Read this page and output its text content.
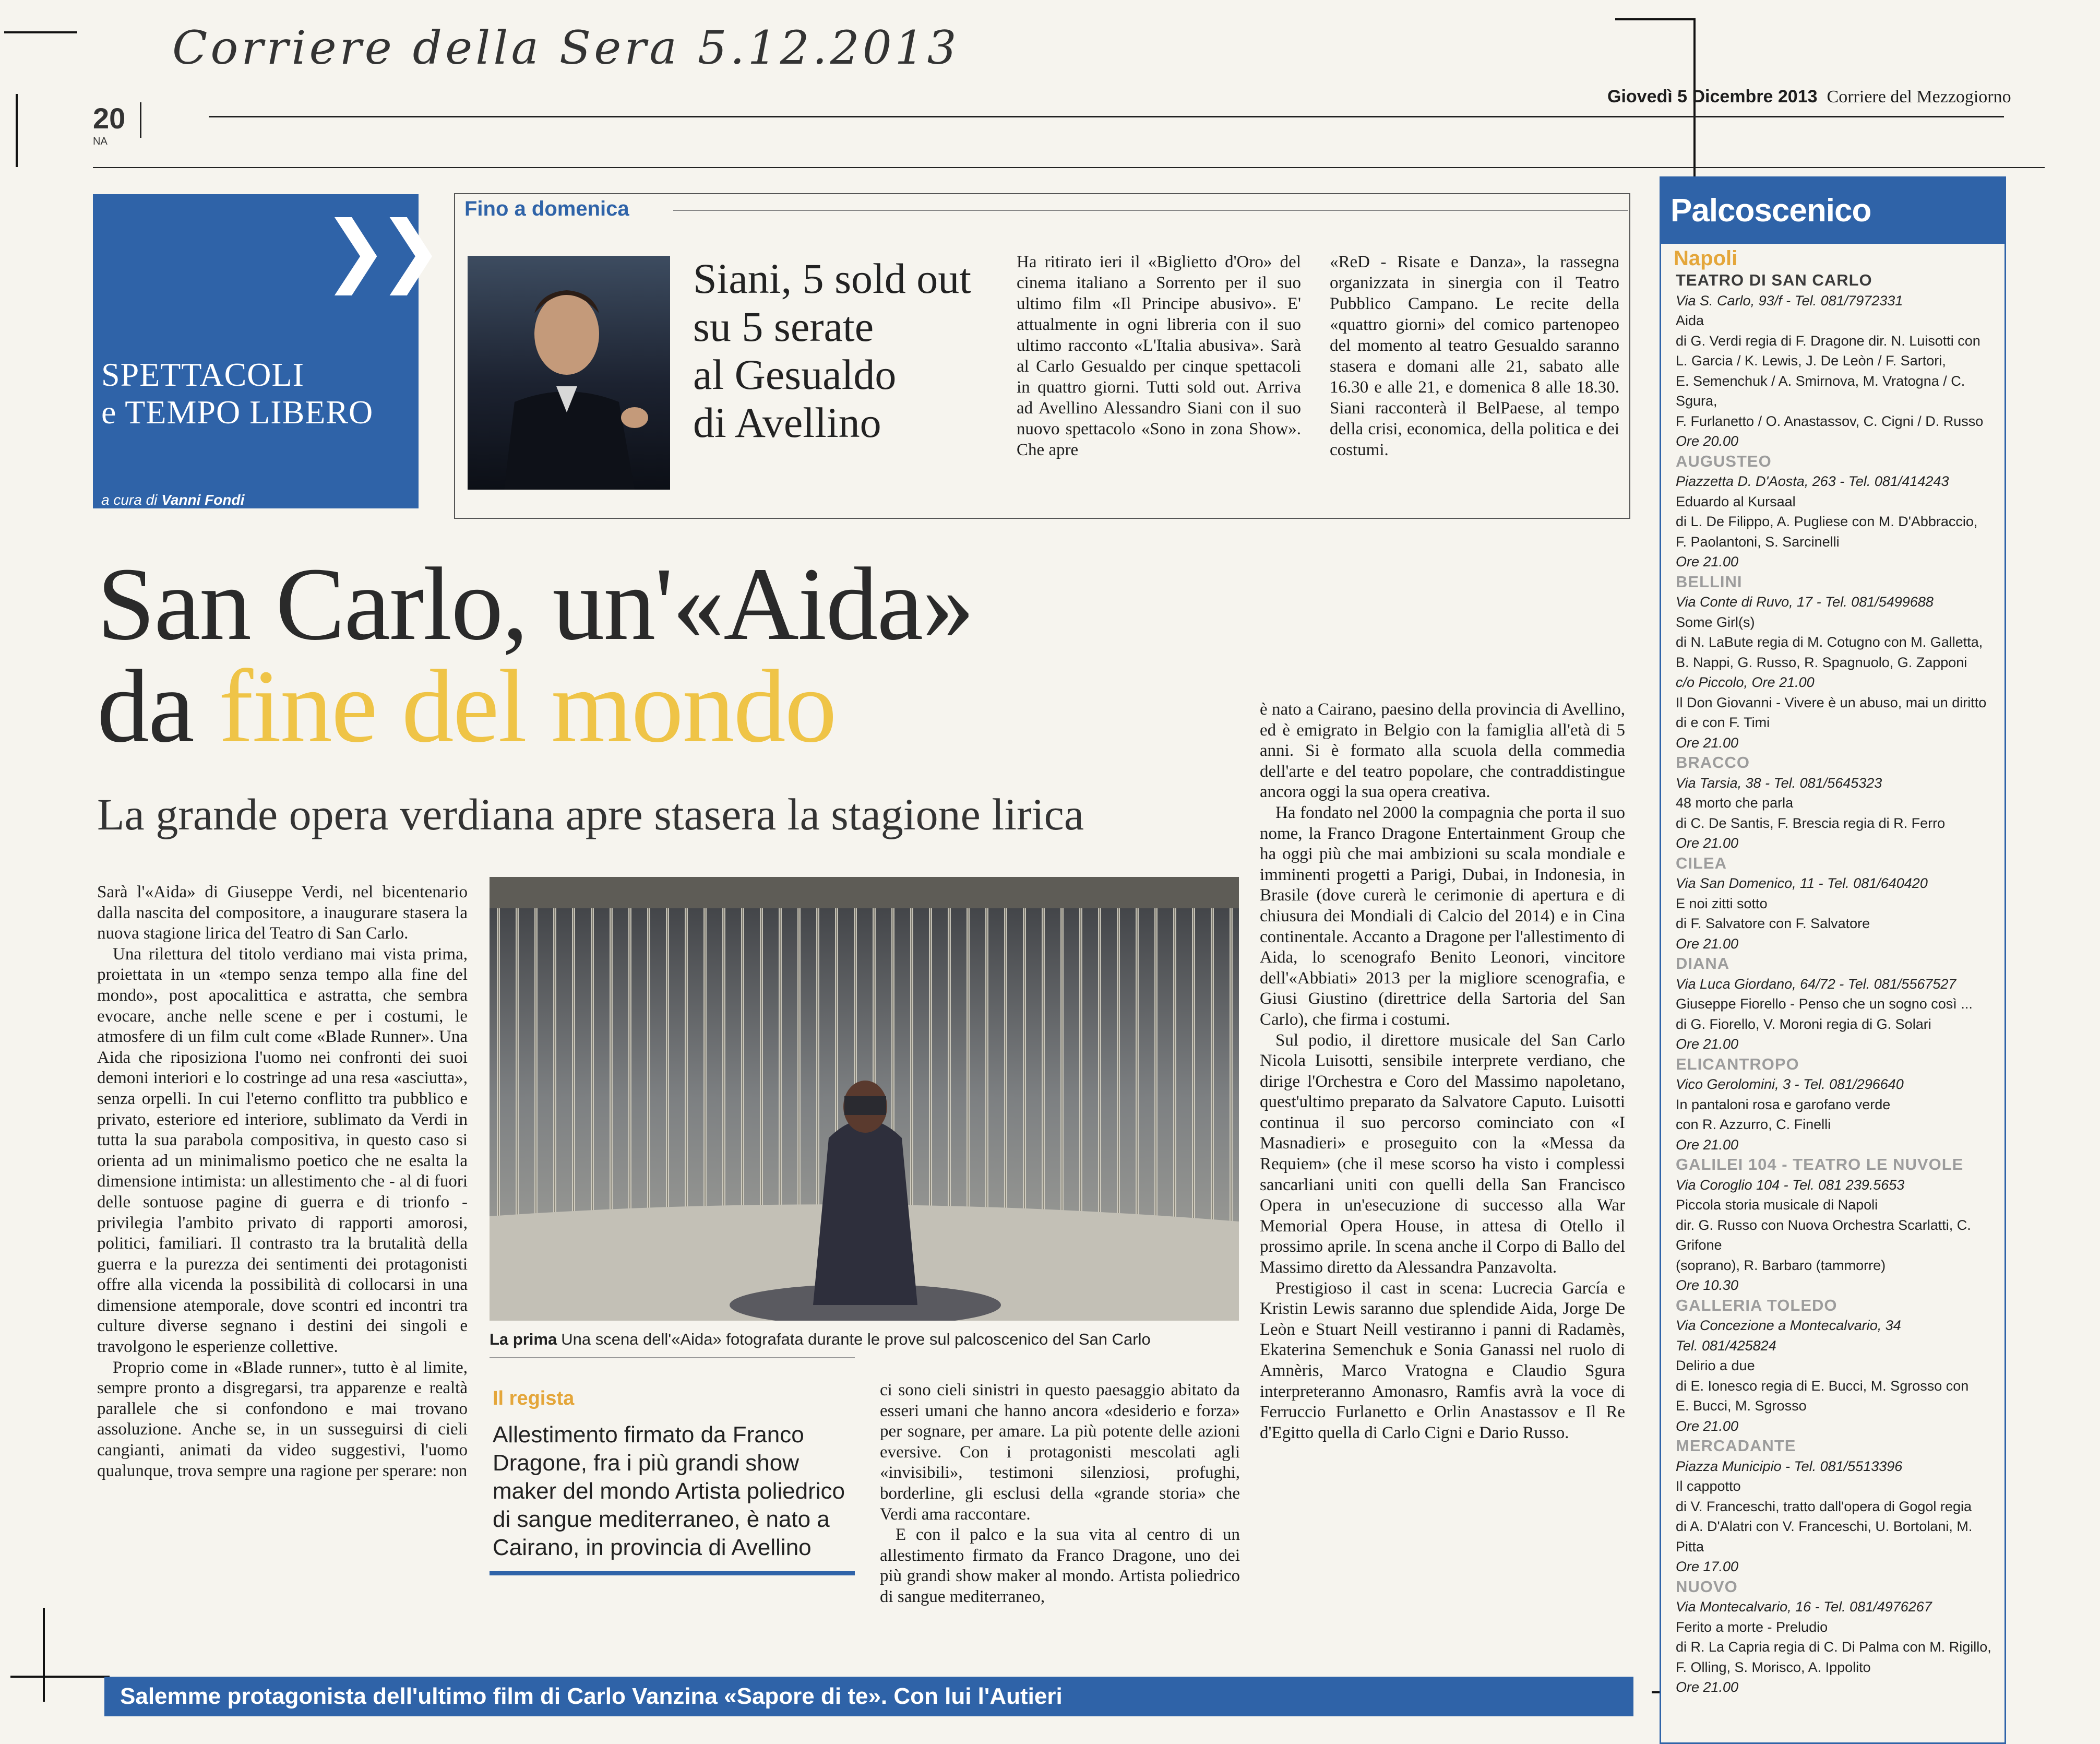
Corriere della Sera 5.12.2013
20
NA
Giovedì 5 Dicembre 2013 Corriere del Mezzogiorno
❯❯
SPETTACOLI
e TEMPO LIBERO
a cura di Vanni Fondi
Fino a domenica
Siani, 5 sold out
su 5 serate
al Gesualdo
di Avellino
Ha ritirato ieri il «Biglietto d'Oro» del cinema italiano a Sorrento per il suo ultimo film «Il Principe abusivo». E' attualmente in ogni libreria con il suo ultimo racconto «L'Italia abusiva». Sarà al Carlo Gesualdo per cinque spettacoli in quattro giorni. Tutti sold out. Arriva ad Avellino Alessandro Siani con il suo nuovo spettacolo «Sono in zona Show». Che apre
«ReD - Risate e Danza», la rassegna organizzata in sinergia con il Teatro Pubblico Campano. Le recite della «quattro giorni» del comico partenopeo del momento al teatro Gesualdo saranno stasera e domani alle 21, sabato alle 16.30 e alle 21, e domenica 8 alle 18.30. Siani racconterà il BelPaese, al tempo della crisi, economica, della politica e dei costumi.
San Carlo, un'«Aida»
da fine del mondo
La grande opera verdiana apre stasera la stagione lirica

Sarà l'«Aida» di Giuseppe Verdi, nel bicentenario dalla nascita del compositore, a inaugurare stasera la nuova stagione lirica del Teatro di San Carlo.

Una rilettura del titolo verdiano mai vista prima, proiettata in un «tempo senza tempo alla fine del mondo», post apocalittica e astratta, che sembra evocare, anche nelle scene e per i costumi, le atmosfere di un film cult come «Blade Runner». Una Aida che riposiziona l'uomo nei confronti dei suoi demoni interiori e lo costringe ad una resa «asciutta», senza orpelli. In cui l'eterno conflitto tra pubblico e privato, esteriore ed interiore, sublimato da Verdi in tutta la sua parabola compositiva, in questo caso si orienta ad un minimalismo poetico che ne esalta la dimensione intimista: un allestimento che - al di fuori delle sontuose pagine di guerra e di trionfo - privilegia l'ambito privato di rapporti amorosi, politici, familiari. Il contrasto tra la brutalità della guerra e la purezza dei sentimenti dei protagonisti offre alla vicenda la possibilità di collocarsi in una dimensione atemporale, dove scontri ed incontri tra culture diverse segnano i destini dei singoli e travolgono le esperienze collettive.

Proprio come in «Blade runner», tutto è al limite, sempre pronto a disgregarsi, tra apparenze e realtà parallele che si confondono e mai trovano assoluzione. Anche se, in un susseguirsi di cieli cangianti, animati da video suggestivi, l'uomo qualunque, trova sempre una ragione per sperare: non

La prima Una scena dell'«Aida» fotografata durante le prove sul palcoscenico del San Carlo
Il regista
Allestimento firmato da Franco Dragone, fra i più grandi show maker del mondo Artista poliedrico di sangue mediterraneo, è nato a Cairano, in provincia di Avellino

ci sono cieli sinistri in questo paesaggio abitato da esseri umani che hanno ancora «desiderio e forza» per sognare, per amare. La più potente delle azioni eversive. Con i protagonisti mescolati agli «invisibili», testimoni silenziosi, profughi, borderline, gli esclusi della «grande storia» che Verdi ama raccontare.

E con il palco e la sua vita al centro di un allestimento firmato da Franco Dragone, uno dei più grandi show maker al mondo. Artista poliedrico di sangue mediterraneo,

è nato a Cairano, paesino della provincia di Avellino, ed è emigrato in Belgio con la famiglia all'età di 5 anni. Si è formato alla scuola della commedia dell'arte e del teatro popolare, che contraddistingue ancora oggi la sua opera creativa.

Ha fondato nel 2000 la compagnia che porta il suo nome, la Franco Dragone Entertainment Group che ha oggi più che mai ambizioni su scala mondiale e imminenti progetti a Parigi, Dubai, in Indonesia, in Brasile (dove curerà le cerimonie di apertura e di chiusura dei Mondiali di Calcio del 2014) e in Cina continentale. Accanto a Dragone per l'allestimento di Aida, lo scenografo Benito Leonori, vincitore dell'«Abbiati» 2013 per la migliore scenografia, e Giusi Giustino (direttrice della Sartoria del San Carlo), che firma i costumi.

Sul podio, il direttore musicale del San Carlo Nicola Luisotti, sensibile interprete verdiano, che dirige l'Orchestra e Coro del Massimo napoletano, quest'ultimo preparato da Salvatore Caputo. Luisotti continua il suo percorso cominciato con «I Masnadieri» e proseguito con la «Messa da Requiem» (che il mese scorso ha visto i complessi sancarliani uniti con quelli della San Francisco Opera in un'esecuzione di successo alla War Memorial Opera House, in attesa di Otello il prossimo aprile. In scena anche il Corpo di Ballo del Massimo diretto da Alessandra Panzavolta.

Prestigioso il cast in scena: Lucrecia García e Kristin Lewis saranno due splendide Aida, Jorge De Leòn e Stuart Neill vestiranno i panni di Radamès, Ekaterina Semenchuk e Sonia Ganassi nel ruolo di Amnèris, Marco Vratogna e Claudio Sgura interpreteranno Amonasro, Ramfis avrà la voce di Ferruccio Furlanetto e Orlin Anastassov e Il Re d'Egitto quella di Carlo Cigni e Dario Russo.

Salemme protagonista dell'ultimo film di Carlo Vanzina «Sapore di te». Con lui l'Autieri
Palcoscenico
Napoli
TEATRO DI SAN CARLO
Via S. Carlo, 93/f - Tel. 081/7972331
Aida
di G. Verdi regia di F. Dragone dir. N. Luisotti con
L. Garcia / K. Lewis, J. De Leòn / F. Sartori,
E. Semenchuk / A. Smirnova, M. Vratogna / C. Sgura,
F. Furlanetto / O. Anastassov, C. Cigni / D. Russo
Ore 20.00
AUGUSTEO
Piazzetta D. D'Aosta, 263 - Tel. 081/414243
Eduardo al Kursaal
di L. De Filippo, A. Pugliese con M. D'Abbraccio,
F. Paolantoni, S. Sarcinelli
Ore 21.00
BELLINI
Via Conte di Ruvo, 17 - Tel. 081/5499688
Some Girl(s)
di N. LaBute regia di M. Cotugno con M. Galletta,
B. Nappi, G. Russo, R. Spagnuolo, G. Zapponi
c/o Piccolo, Ore 21.00
Il Don Giovanni - Vivere è un abuso, mai un diritto
di e con F. Timi
Ore 21.00
BRACCO
Via Tarsia, 38 - Tel. 081/5645323
48 morto che parla
di C. De Santis, F. Brescia regia di R. Ferro
Ore 21.00
CILEA
Via San Domenico, 11 - Tel. 081/640420
E noi zitti sotto
di F. Salvatore con F. Salvatore
Ore 21.00
DIANA
Via Luca Giordano, 64/72 - Tel. 081/5567527
Giuseppe Fiorello - Penso che un sogno così ...
di G. Fiorello, V. Moroni regia di G. Solari
Ore 21.00
ELICANTROPO
Vico Gerolomini, 3 - Tel. 081/296640
In pantaloni rosa e garofano verde
con R. Azzurro, C. Finelli
Ore 21.00
GALILEI 104 - TEATRO LE NUVOLE
Via Coroglio 104 - Tel. 081 239.5653
Piccola storia musicale di Napoli
dir. G. Russo con Nuova Orchestra Scarlatti, C. Grifone
(soprano), R. Barbaro (tammorre)
Ore 10.30
GALLERIA TOLEDO
Via Concezione a Montecalvario, 34
Tel. 081/425824
Delirio a due
di E. Ionesco regia di E. Bucci, M. Sgrosso con
E. Bucci, M. Sgrosso
Ore 21.00
MERCADANTE
Piazza Municipio - Tel. 081/5513396
Il cappotto
di V. Franceschi, tratto dall'opera di Gogol regia
di A. D'Alatri con V. Franceschi, U. Bortolani, M. Pitta
Ore 17.00
NUOVO
Via Montecalvario, 16 - Tel. 081/4976267
Ferito a morte - Preludio
di R. La Capria regia di C. Di Palma con M. Rigillo,
F. Olling, S. Morisco, A. Ippolito
Ore 21.00
